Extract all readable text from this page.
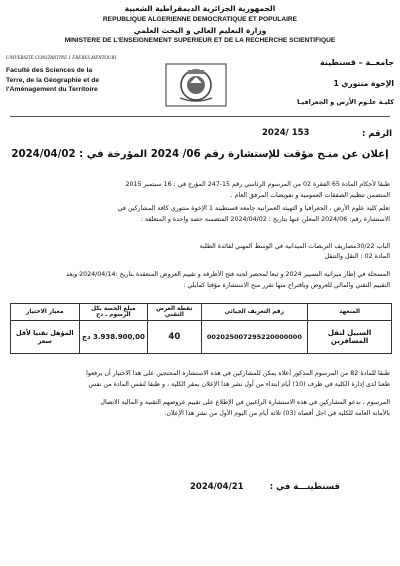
الجمهورية الجزائرية الديمقراطية الشعبية
REPUBLIQUE ALGERIENNE DEMOCRATIQUE ET POPULAIRE
وزارة التعليم العالي و البحث العلمي
MINISTERE DE L'ENSEIGNEMENT SUPERIEUR ET DE LA RECHERCHE SCIENTIFIQUE
UNIVERSITE CONSTANTINE 1 FRERES MENTOURI
Faculté des Sciences de la
Terre, de la Géographie et de
l'Aménagement du Territoire
جامعــة – قسنطينة
الإخوة منتوري 1
كليـة علـوم الأرض و الجغرافيـا
الرقم :
2024/ 153
إعلان عن منـح مؤقت للإستشارة رقم 06/ 2024 المؤرخة في : 2024/04/02
طبقا لأحكام المادة 65 الفقرة 02 من المرسوم الرئاسي رقم 15-247 المؤرخ في : 16 سبتمبر 2015
المتضمن تنظيم الصفقات العمومية و تفويضات المرفق العام .
تعلم كلية علوم الأرض ، الجغرافيا و التهيئة العمرانية جامعة قسنطينة 1 الإخوة منتوري كافة المشاركين في
الاستشارة رقم: 2024/06 المعلن عنها بتاريخ : 2024/04/02 المتضمنة حصة واحدة و المتعلقة :
الباب 30/22مصاريف التربصات الميدانية في الوسط المهني لفائدة الطلبة
المادة 02 : النقل والتنقل
المسجلة في إطار ميزانية التسيير 2024 و تبعا لمحضر لجنة فتح الأظرفة و تقييم العروض المنعقدة بتاريخ :2024/04/14 وبعد
التقييم التقني والمالي للعروض وباقتراح منها تقرر منح الاستشارة مؤقتا كمايلي :
المتعهد	رقم التعريف الجبائي	نقطة العرض التقني	مبلغ الحصة بكل الرسوم ـ دج	معيار الاختيار
السبيل لنقل المسافرين	002025007295220000000	40	3.938.900,00 دج	المؤهل تقنيا لأقل سعر
طبقا للمادة 82 من المرسوم المذكور أعلاه يمكن للمشاركين في هذه الاستشارة المحتجين على هذا الاختيار أن يرفعوا
طعنا لدى إدارة الكلية في ظرف (10) أيام ابتداء من أول نشر هذا الإعلان بمقر الكلية ، و طبقا لنفس المادة من نفس
المرسوم ، ندعو المشاركين في هذه الاستشارة الراغبين في الإطلاع على تقييم عروضهم التقنية و المالية الاتصال
بالأمانة العامة للكلية في اجل أقصاه (03) ثلاثة أيام من اليوم الأول من نشر هذا الإعلان.
قسنطينـــة في :
2024/04/21
